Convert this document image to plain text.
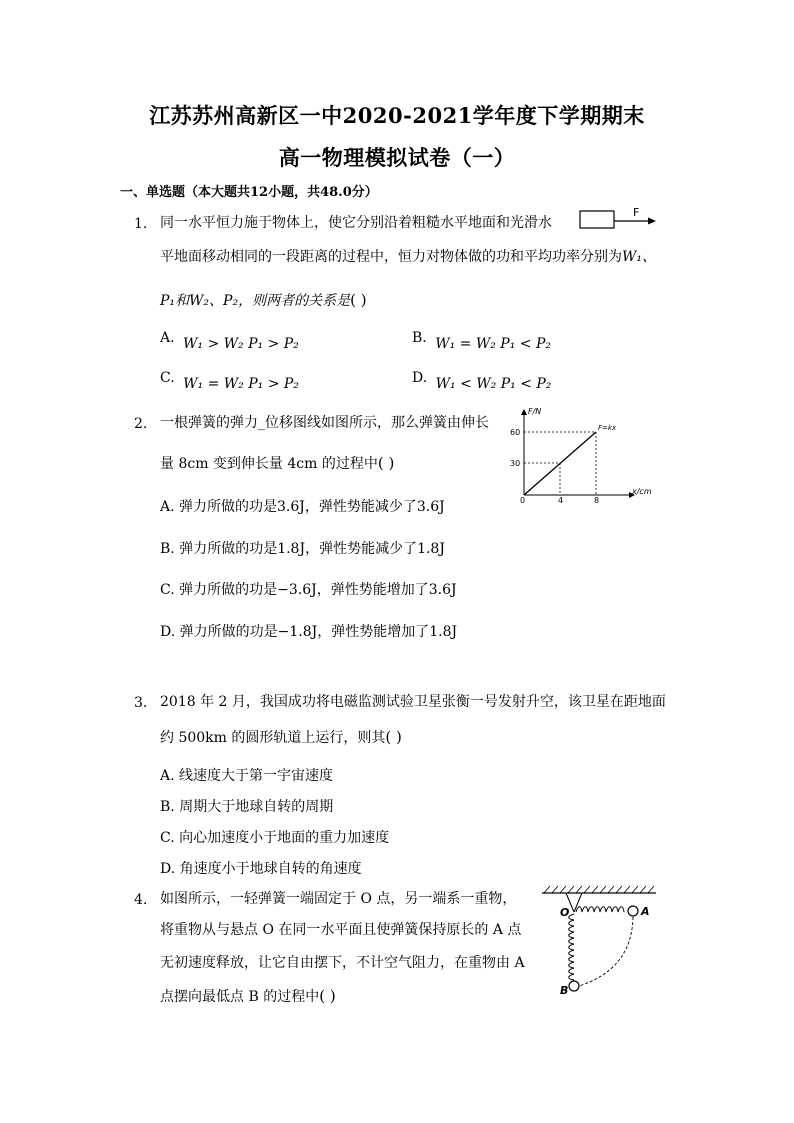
江苏苏州高新区一中2020-2021学年度下学期期末
高一物理模拟试卷（一）
一、单选题（本大题共12小题，共48.0分）
1. 同一水平恒力施于物体上，使它分别沿着粗糙水平地面和光滑水
平地面移动相同的一段距离的过程中，恒力对物体做的功和平均功率分别为W₁、
P₁和W₂、P₂，则两者的关系是( )
F
A. W₁ > W₂ P₁ > P₂	B. W₁ = W₂ P₁ < P₂
C. W₁ = W₂ P₁ > P₂	D. W₁ < W₂ P₁ < P₂
2. 一根弹簧的弹力_位移图线如图所示，那么弹簧由伸长
量 8cm 变到伸长量 4cm 的过程中( )
A. 弹力所做的功是3.6J，弹性势能减少了3.6J
B. 弹力所做的功是1.8J，弹性势能减少了1.8J
C. 弹力所做的功是−3.6J，弹性势能增加了3.6J
D. 弹力所做的功是−1.8J，弹性势能增加了1.8J
F/N
x/cm
0
60
30
4	8
F=kx
3. 2018 年 2 月，我国成功将电磁监测试验卫星张衡一号发射升空，该卫星在距地面
约 500km 的圆形轨道上运行，则其( )
A. 线速度大于第一宇宙速度
B. 周期大于地球自转的周期
C. 向心加速度小于地面的重力加速度
D. 角速度小于地球自转的角速度
4. 如图所示，一轻弹簧一端固定于 O 点，另一端系一重物，
将重物从与悬点 O 在同一水平面且使弹簧保持原长的 A 点
无初速度释放，让它自由摆下，不计空气阻力，在重物由 A
点摆向最低点 B 的过程中( )
O	A
B
